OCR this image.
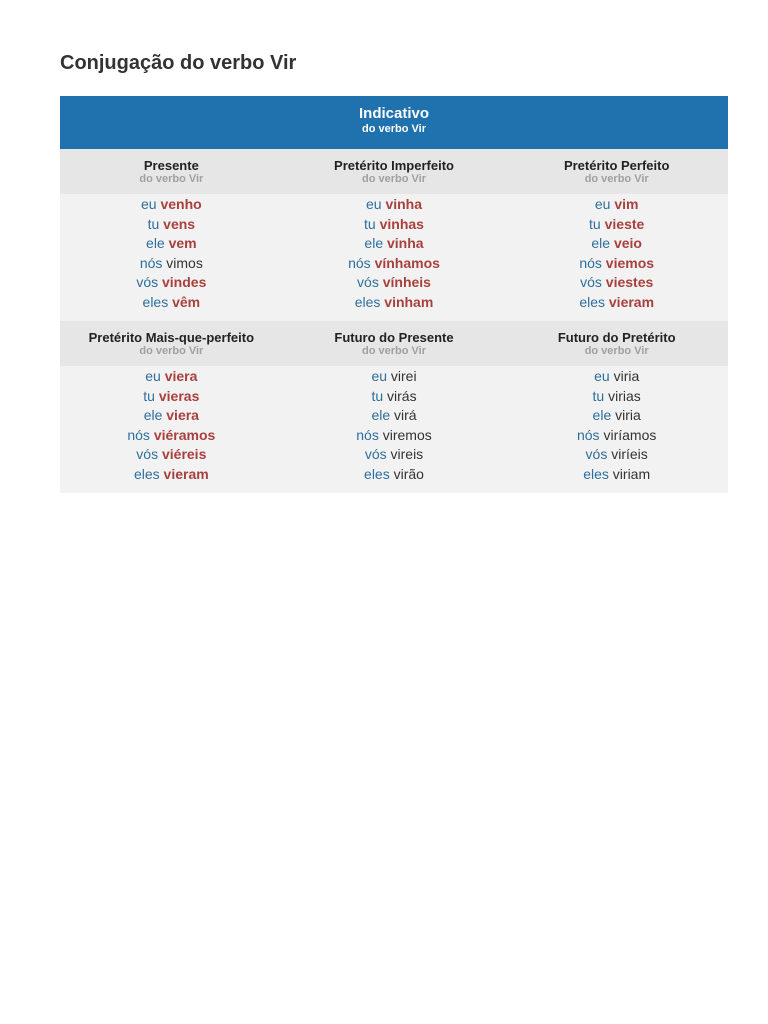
Conjugação do verbo Vir
Indicativo
do verbo Vir
Presente
do verbo Vir
Pretérito Imperfeito
do verbo Vir
Pretérito Perfeito
do verbo Vir
eu venho
tu vens
ele vem
nós vimos
vós vindes
eles vêm
eu vinha
tu vinhas
ele vinha
nós vínhamos
vós vínheis
eles vinham
eu vim
tu vieste
ele veio
nós viemos
vós viestes
eles vieram
Pretérito Mais-que-perfeito
do verbo Vir
Futuro do Presente
do verbo Vir
Futuro do Pretérito
do verbo Vir
eu viera
tu vieras
ele viera
nós viéramos
vós viéreis
eles vieram
eu virei
tu virás
ele virá
nós viremos
vós vireis
eles virão
eu viria
tu virias
ele viria
nós viríamos
vós viríeis
eles viriam
